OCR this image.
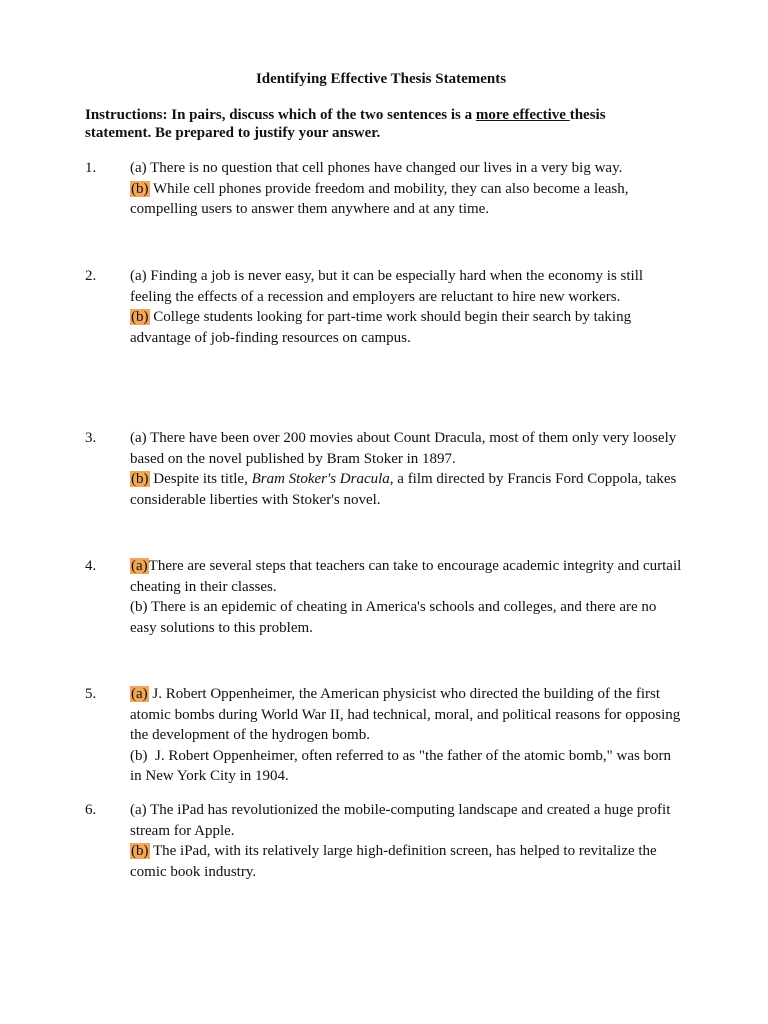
Identifying Effective Thesis Statements
Instructions: In pairs, discuss which of the two sentences is a more effective thesis statement. Be prepared to justify your answer.
1. (a) There is no question that cell phones have changed our lives in a very big way.
(b) While cell phones provide freedom and mobility, they can also become a leash, compelling users to answer them anywhere and at any time.
2. (a) Finding a job is never easy, but it can be especially hard when the economy is still feeling the effects of a recession and employers are reluctant to hire new workers.
(b) College students looking for part-time work should begin their search by taking advantage of job-finding resources on campus.
3. (a) There have been over 200 movies about Count Dracula, most of them only very loosely based on the novel published by Bram Stoker in 1897.
(b) Despite its title, Bram Stoker's Dracula, a film directed by Francis Ford Coppola, takes considerable liberties with Stoker's novel.
4. (a)There are several steps that teachers can take to encourage academic integrity and curtail cheating in their classes.
(b) There is an epidemic of cheating in America's schools and colleges, and there are no easy solutions to this problem.
5. (a) J. Robert Oppenheimer, the American physicist who directed the building of the first atomic bombs during World War II, had technical, moral, and political reasons for opposing the development of the hydrogen bomb.
(b)  J. Robert Oppenheimer, often referred to as "the father of the atomic bomb," was born in New York City in 1904.
6. (a) The iPad has revolutionized the mobile-computing landscape and created a huge profit stream for Apple.
(b) The iPad, with its relatively large high-definition screen, has helped to revitalize the comic book industry.
